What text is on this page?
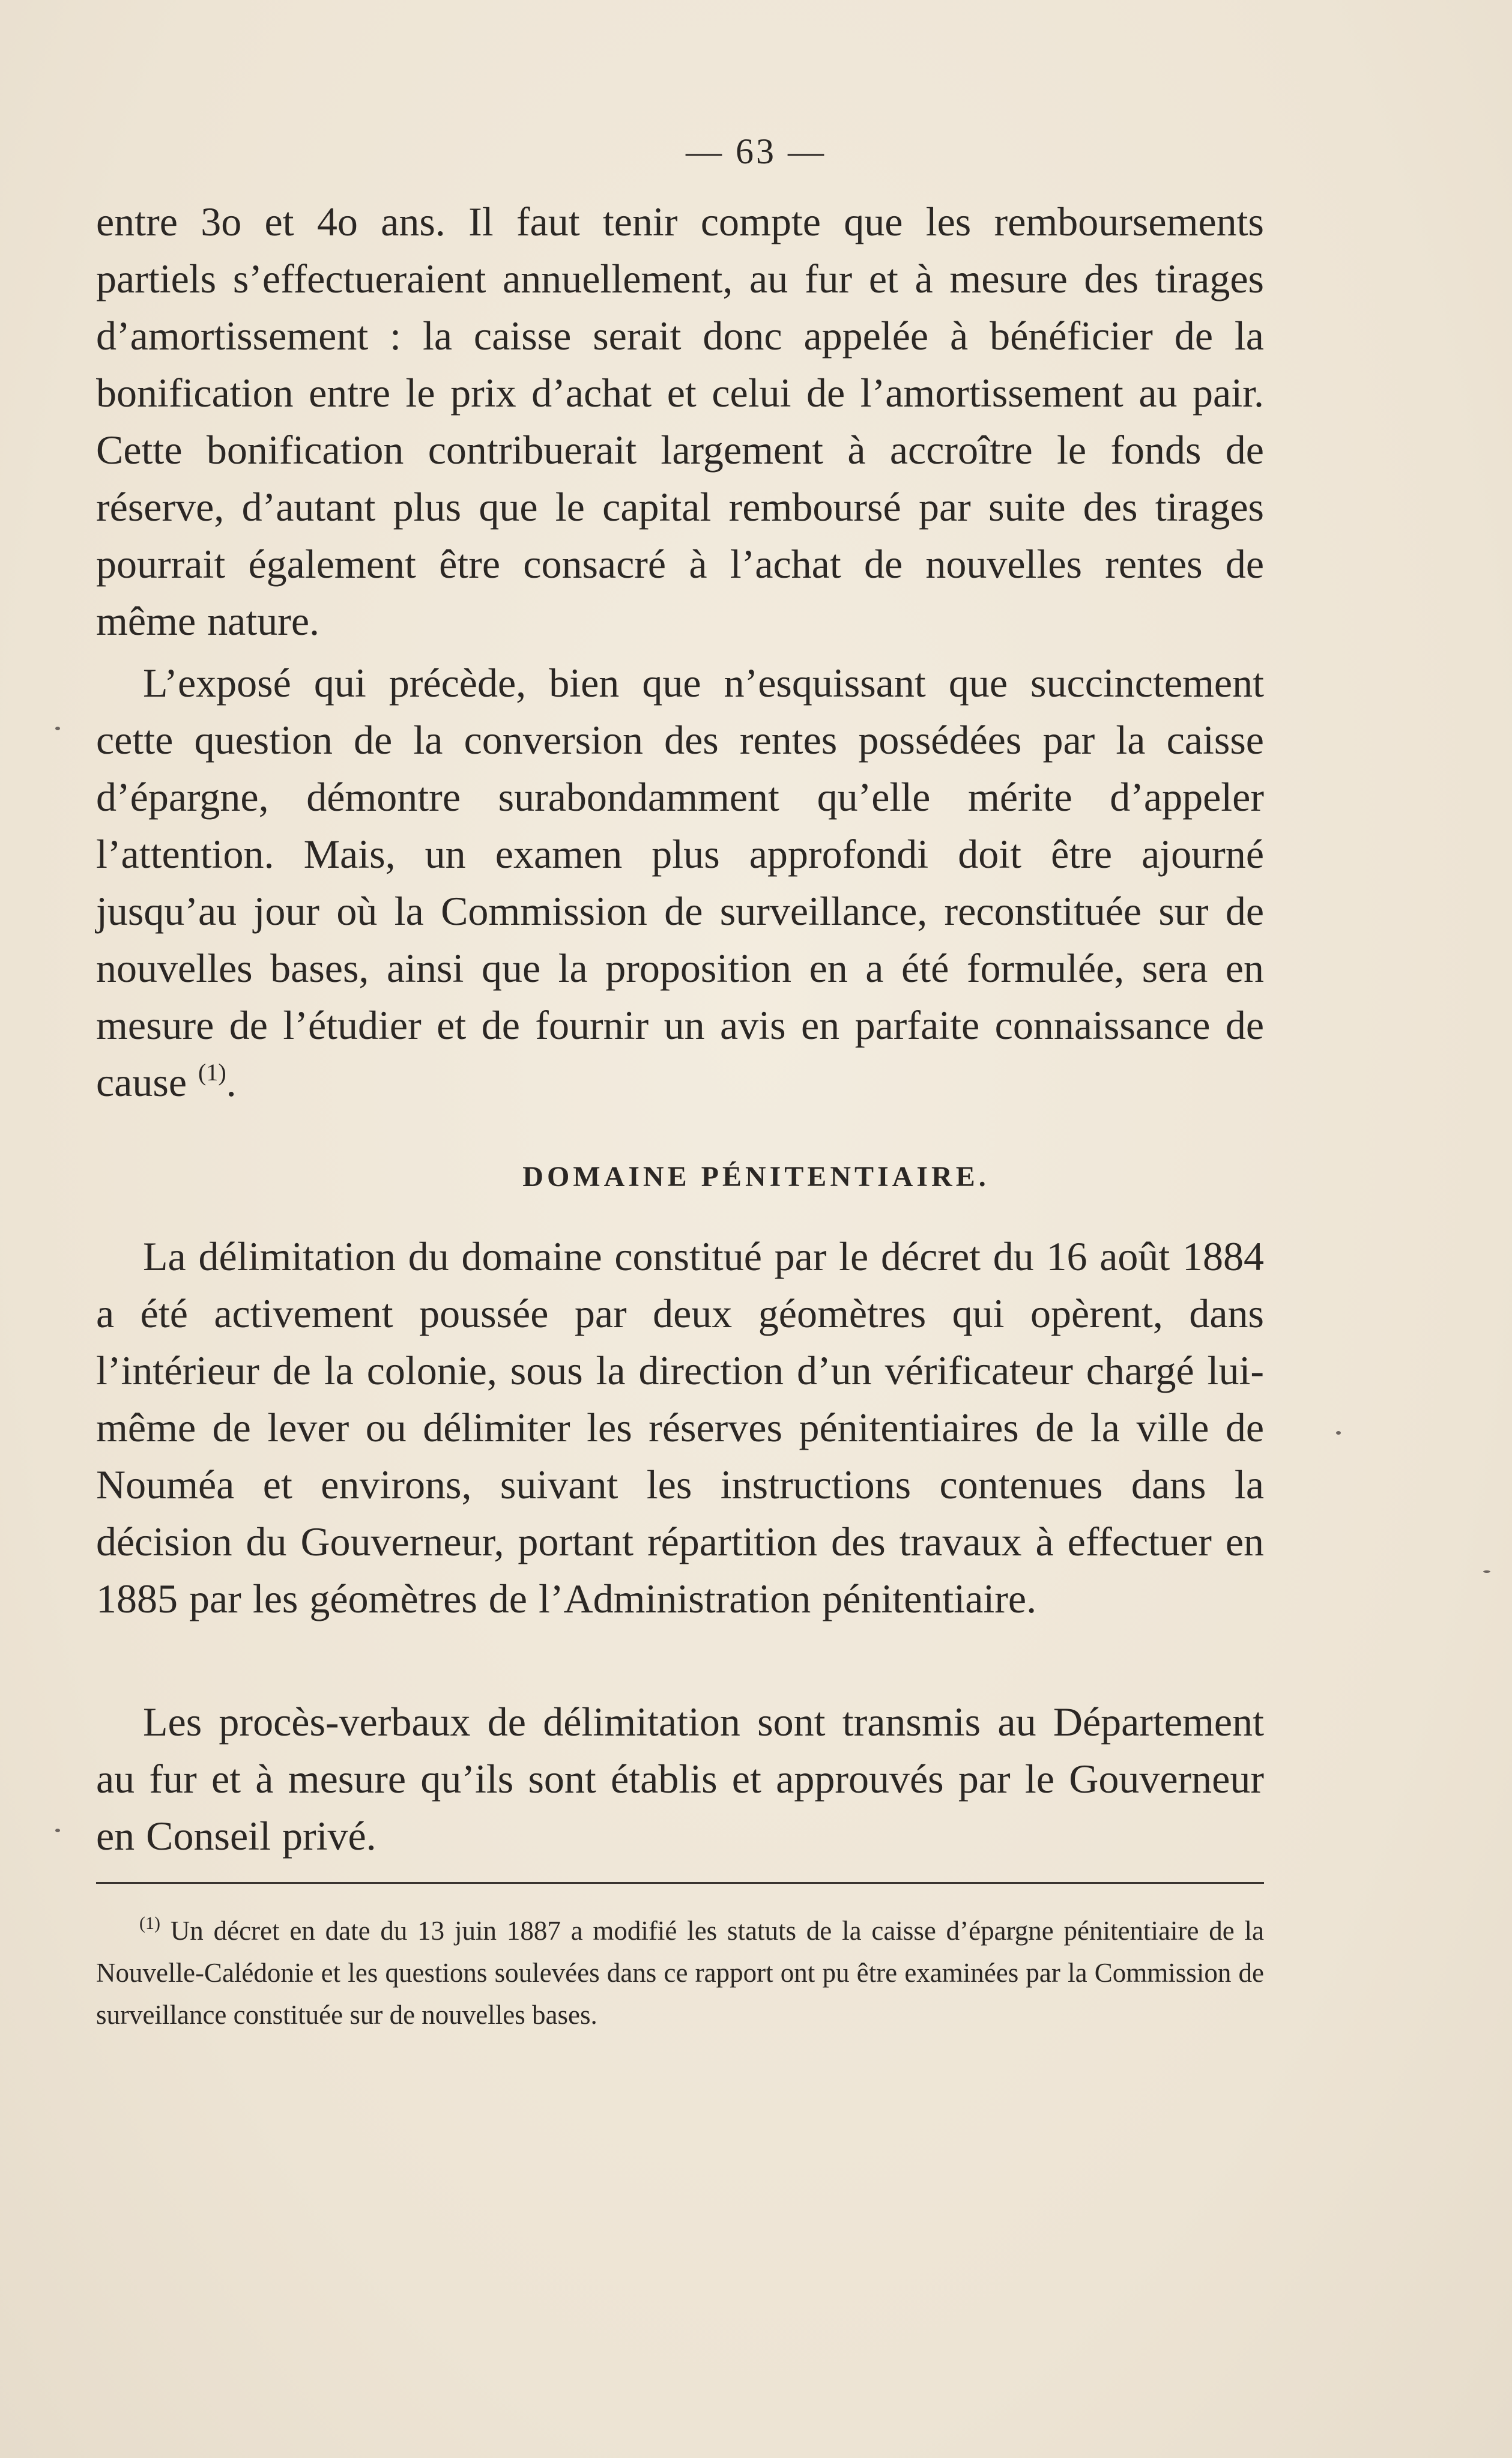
— 63 —

entre 3o et 4o ans. Il faut tenir compte que les remboursements partiels s’effectueraient annuellement, au fur et à mesure des tirages d’amortissement : la caisse serait donc appelée à bénéficier de la bonification entre le prix d’achat et celui de l’amortissement au pair. Cette bonification contribuerait largement à accroître le fonds de réserve, d’autant plus que le capital remboursé par suite des tirages pourrait également être consacré à l’achat de nouvelles rentes de même nature.

L’exposé qui précède, bien que n’esquissant que succinctement cette question de la conversion des rentes possédées par la caisse d’épargne, démontre surabondamment qu’elle mérite d’appeler l’attention. Mais, un examen plus approfondi doit être ajourné jusqu’au jour où la Commission de surveillance, reconstituée sur de nouvelles bases, ainsi que la proposition en a été formulée, sera en mesure de l’étudier et de fournir un avis en parfaite connaissance de cause $^{(1)}$.

DOMAINE PÉNITENTIAIRE.

La délimitation du domaine constitué par le décret du 16 août 1884 a été activement poussée par deux géomètres qui opèrent, dans l’intérieur de la colonie, sous la direction d’un vérificateur chargé lui-même de lever ou délimiter les réserves pénitentiaires de la ville de Nouméa et environs, suivant les instructions contenues dans la décision du Gouverneur, portant répartition des travaux à effectuer en 1885 par les géomètres de l’Administration pénitentiaire.

Les procès-verbaux de délimitation sont transmis au Département au fur et à mesure qu’ils sont établis et approuvés par le Gouverneur en Conseil privé.

$^{(1)}$ Un décret en date du 13 juin 1887 a modifié les statuts de la caisse d’épargne pénitentiaire de la Nouvelle-Calédonie et les questions soulevées dans ce rapport ont pu être examinées par la Commission de surveillance constituée sur de nouvelles bases.
